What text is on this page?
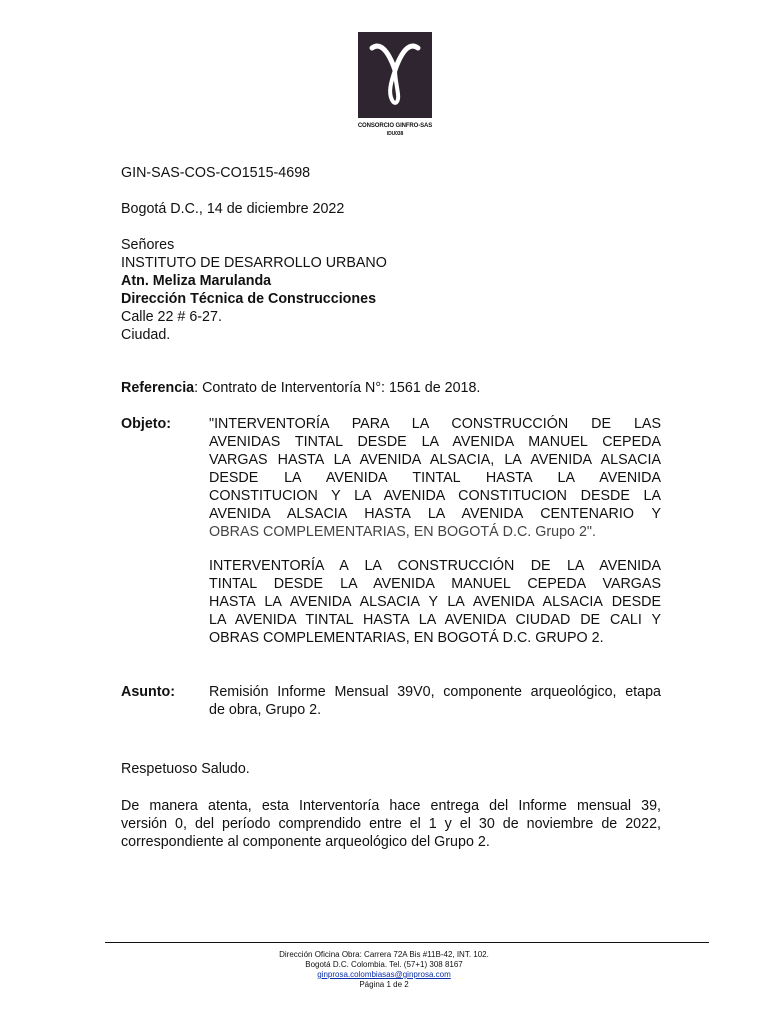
CONSORCIO GINFRO-SAS
IDU038
GIN-SAS-COS-CO1515-4698
Bogotá D.C., 14 de diciembre 2022
Señores
INSTITUTO DE DESARROLLO URBANO
Atn. Meliza Marulanda
Dirección Técnica de Construcciones
Calle 22 # 6-27.
Ciudad.
Referencia: Contrato de Interventoría N°: 1561 de 2018.
Objeto:	"INTERVENTORÍA PARA LA CONSTRUCCIÓN DE LAS
AVENIDAS TINTAL DESDE LA AVENIDA MANUEL CEPEDA
VARGAS HASTA LA AVENIDA ALSACIA, LA AVENIDA ALSACIA
DESDE LA AVENIDA TINTAL HASTA LA AVENIDA
CONSTITUCION Y LA AVENIDA CONSTITUCION DESDE LA
AVENIDA ALSACIA HASTA LA AVENIDA CENTENARIO Y
OBRAS COMPLEMENTARIAS, EN BOGOTÁ D.C. Grupo 2".
INTERVENTORÍA A LA CONSTRUCCIÓN DE LA AVENIDA
TINTAL DESDE LA AVENIDA MANUEL CEPEDA VARGAS
HASTA LA AVENIDA ALSACIA Y LA AVENIDA ALSACIA DESDE
LA AVENIDA TINTAL HASTA LA AVENIDA CIUDAD DE CALI Y
OBRAS COMPLEMENTARIAS, EN BOGOTÁ D.C. GRUPO 2.
Asunto: Remisión Informe Mensual 39V0, componente arqueológico, etapa
de obra, Grupo 2.
Respetuoso Saludo.
De manera atenta, esta Interventoría hace entrega del Informe mensual 39,
versión 0, del período comprendido entre el 1 y el 30 de noviembre de 2022,
correspondiente al componente arqueológico del Grupo 2.
Dirección Oficina Obra: Carrera 72A Bis #11B-42, INT. 102.
Bogotá D.C. Colombia. Tel. (57+1) 308 8167
ginprosa.colombiasas@ginprosa.com
Página 1 de 2
